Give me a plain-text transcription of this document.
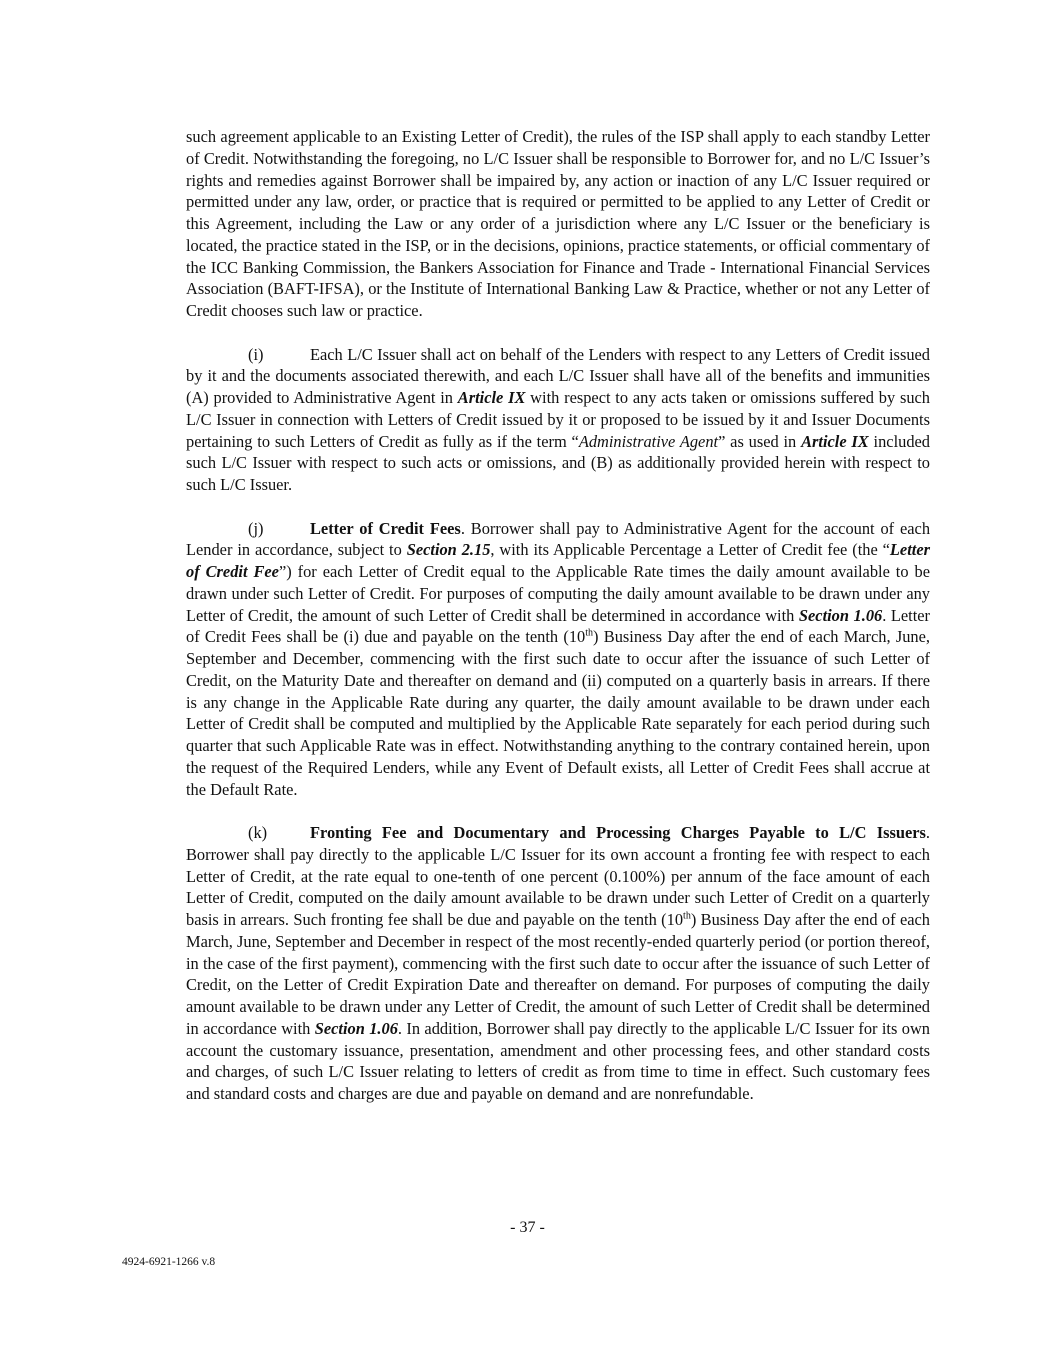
such agreement applicable to an Existing Letter of Credit), the rules of the ISP shall apply to each standby Letter of Credit. Notwithstanding the foregoing, no L/C Issuer shall be responsible to Borrower for, and no L/C Issuer’s rights and remedies against Borrower shall be impaired by, any action or inaction of any L/C Issuer required or permitted under any law, order, or practice that is required or permitted to be applied to any Letter of Credit or this Agreement, including the Law or any order of a jurisdiction where any L/C Issuer or the beneficiary is located, the practice stated in the ISP, or in the decisions, opinions, practice statements, or official commentary of the ICC Banking Commission, the Bankers Association for Finance and Trade - International Financial Services Association (BAFT-IFSA), or the Institute of International Banking Law & Practice, whether or not any Letter of Credit chooses such law or practice.

(i)	Each L/C Issuer shall act on behalf of the Lenders with respect to any Letters of Credit issued by it and the documents associated therewith, and each L/C Issuer shall have all of the benefits and immunities (A) provided to Administrative Agent in Article IX with respect to any acts taken or omissions suffered by such L/C Issuer in connection with Letters of Credit issued by it or proposed to be issued by it and Issuer Documents pertaining to such Letters of Credit as fully as if the term “Administrative Agent” as used in Article IX included such L/C Issuer with respect to such acts or omissions, and (B) as additionally provided herein with respect to such L/C Issuer.

(j)	Letter of Credit Fees. Borrower shall pay to Administrative Agent for the account of each Lender in accordance, subject to Section 2.15, with its Applicable Percentage a Letter of Credit fee (the “Letter of Credit Fee”) for each Letter of Credit equal to the Applicable Rate times the daily amount available to be drawn under such Letter of Credit. For purposes of computing the daily amount available to be drawn under any Letter of Credit, the amount of such Letter of Credit shall be determined in accordance with Section 1.06. Letter of Credit Fees shall be (i) due and payable on the tenth (10th) Business Day after the end of each March, June, September and December, commencing with the first such date to occur after the issuance of such Letter of Credit, on the Maturity Date and thereafter on demand and (ii) computed on a quarterly basis in arrears. If there is any change in the Applicable Rate during any quarter, the daily amount available to be drawn under each Letter of Credit shall be computed and multiplied by the Applicable Rate separately for each period during such quarter that such Applicable Rate was in effect. Notwithstanding anything to the contrary contained herein, upon the request of the Required Lenders, while any Event of Default exists, all Letter of Credit Fees shall accrue at the Default Rate.

(k)	Fronting Fee and Documentary and Processing Charges Payable to L/C Issuers. Borrower shall pay directly to the applicable L/C Issuer for its own account a fronting fee with respect to each Letter of Credit, at the rate equal to one-tenth of one percent (0.100%) per annum of the face amount of each Letter of Credit, computed on the daily amount available to be drawn under such Letter of Credit on a quarterly basis in arrears. Such fronting fee shall be due and payable on the tenth (10th) Business Day after the end of each March, June, September and December in respect of the most recently-ended quarterly period (or portion thereof, in the case of the first payment), commencing with the first such date to occur after the issuance of such Letter of Credit, on the Letter of Credit Expiration Date and thereafter on demand. For purposes of computing the daily amount available to be drawn under any Letter of Credit, the amount of such Letter of Credit shall be determined in accordance with Section 1.06. In addition, Borrower shall pay directly to the applicable L/C Issuer for its own account the customary issuance, presentation, amendment and other processing fees, and other standard costs and charges, of such L/C Issuer relating to letters of credit as from time to time in effect. Such customary fees and standard costs and charges are due and payable on demand and are nonrefundable.

- 37 -
4924-6921-1266 v.8
